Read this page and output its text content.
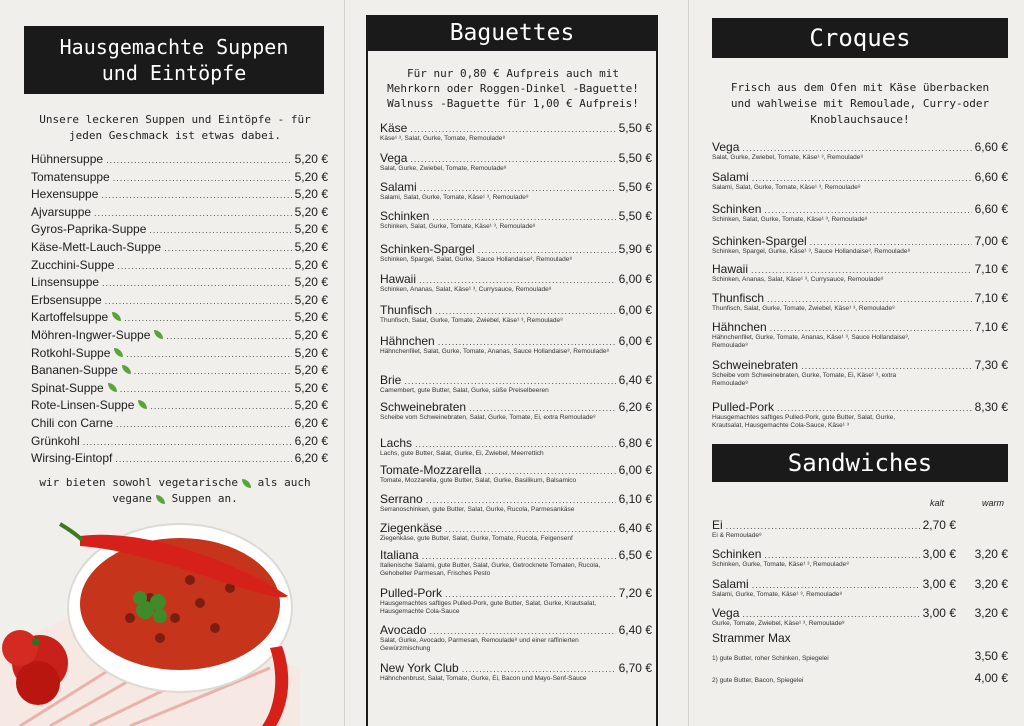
Hausgemachte Suppen
und Eintöpfe
Unsere leckeren Suppen und Eintöpfe - für
jeden Geschmack ist etwas dabei.
Hühnersuppe .....	5,20 €
Tomatensuppe .....	5,20 €
Hexensuppe .....	5,20 €
Ajvarsuppe .....	5,20 €
Gyros-Paprika-Suppe .....	5,20 €
Käse-Mett-Lauch-Suppe .....	5,20 €
Zucchini-Suppe .....	5,20 €
Linsensuppe .....	5,20 €
Erbsensuppe .....	5,20 €
Kartoffelsuppe .....	5,20 €
Möhren-Ingwer-Suppe .....	5,20 €
Rotkohl-Suppe .....	5,20 €
Bananen-Suppe .....	5,20 €
Spinat-Suppe .....	5,20 €
Rote-Linsen-Suppe .....	5,20 €
Chili con Carne .....	6,20 €
Grünkohl .....	6,20 €
Wirsing-Eintopf .....	6,20 €
wir bieten sowohl vegetarische als auch
vegane Suppen an.
Baguettes
Für nur 0,80 € Aufpreis auch mit
Mehrkorn oder Roggen-Dinkel -Baguette!
Walnuss -Baguette für 1,00 € Aufpreis!
Käse .....	5,50 €
Käse¹ ³, Salat, Gurke, Tomate, Remoulade⁸
Vega .....	5,50 €
Salat, Gurke, Zwiebel, Tomate, Remoulade⁸
Salami .....	5,50 €
Salami, Salat, Gurke, Tomate, Käse¹ ³, Remoulade⁸
Schinken .....	5,50 €
Schinken, Salat, Gurke, Tomate, Käse¹ ³, Remoulade⁸
Schinken-Spargel .....	5,90 €
Schinken, Spargel, Salat, Gurke, Sauce Hollandaise³, Remoulade⁸
Hawaii .....	6,00 €
Schinken, Ananas, Salat, Käse¹ ³, Currysauce, Remoulade⁸
Thunfisch .....	6,00 €
Thunfisch, Salat, Gurke, Tomate, Zwiebel, Käse¹ ³, Remoulade⁸
Hähnchen .....	6,00 €
Hähnchenfilet, Salat, Gurke, Tomate, Ananas, Sauce Hollandaise³, Remoulade⁸
Brie .....	6,40 €
Camembert, gute Butter, Salat, Gurke, süße Preiselbeeren
Schweinebraten .....	6,20 €
Scheibe vom Schweinebraten, Salat, Gurke, Tomate, Ei, extra Remoulade⁸
Lachs .....	6,80 €
Lachs, gute Butter, Salat, Gurke, Ei, Zwiebel, Meerrettich
Tomate-Mozzarella .....	6,00 €
Tomate, Mozzarella, gute Butter, Salat, Gurke, Basilikum, Balsamico
Serrano .....	6,10 €
Serranoschinken, gute Butter, Salat, Gurke, Rucola, Parmesankäse
Ziegenkäse .....	6,40 €
Ziegenkäse, gute Butter, Salat, Gurke, Tomate, Rucola, Feigensenf
Italiana .....	6,50 €
Italienische Salami, gute Butter, Salat, Gurke, Getrocknete Tomaten, Rucola, Gehobelter Parmesan, Frisches Pesto
Pulled-Pork .....	7,20 €
Hausgemachtes saftiges Pulled-Pork, gute Butter, Salat, Gurke, Krautsalat, Hausgemachte Cola-Sauce
Avocado .....	6,40 €
Salat, Gurke, Avocado, Parmesan, Remoulade⁸ und einer raffinierten Gewürzmischung
New York Club .....	6,70 €
Hähnchenbrust, Salat, Tomate, Gurke, Ei, Bacon und Mayo-Senf-Sauce
Croques
Frisch aus dem Ofen mit Käse überbacken
und wahlweise mit Remoulade, Curry-oder
Knoblauchsauce!
Vega .....	6,60 €
Salat, Gurke, Zwiebel, Tomate, Käse¹ ³, Remoulade⁸
Salami .....	6,60 €
Salami, Salat, Gurke, Tomate, Käse¹ ³, Remoulade⁸
Schinken .....	6,60 €
Schinken, Salat, Gurke, Tomate, Käse¹ ³, Remoulade⁸
Schinken-Spargel .....	7,00 €
Schinken, Spargel, Gurke, Käse¹ ³, Sauce Hollandaise³, Remoulade⁸
Hawaii .....	7,10 €
Schinken, Ananas, Salat, Käse¹ ³, Currysauce, Remoulade⁸
Thunfisch .....	7,10 €
Thunfisch, Salat, Gurke, Tomate, Zwiebel, Käse¹ ³, Remoulade⁸
Hähnchen .....	7,10 €
Hähnchenfilet, Gurke, Tomate, Ananas, Käse¹ ³, Sauce Hollandaise³, Remoulade⁸
Schweinebraten .....	7,30 €
Scheibe vom Schweinebraten, Gurke, Tomate, Ei, Käse¹ ³, extra Remoulade⁸
Pulled-Pork .....	8,30 €
Hausgemachtes saftiges Pulled-Pork, gute Butter, Salat, Gurke, Krautsalat, Hausgemachte Cola-Sauce, Käse¹ ³
Sandwiches
kalt	warm
Ei .....	2,70 €
Ei & Remoulade⁸
Schinken .....	3,00 €	3,20 €
Schinken, Gurke, Tomate, Käse¹ ³, Remoulade⁸
Salami .....	3,00 €	3,20 €
Salami, Gurke, Tomate, Käse¹ ³, Remoulade⁸
Vega .....	3,00 €	3,20 €
Gurke, Tomate, Zwiebel, Käse¹ ³, Remoulade⁸
Strammer Max
1) gute Butter, roher Schinken, Spiegelei	3,50 €
2) gute Butter, Bacon, Spiegelei	4,00 €
